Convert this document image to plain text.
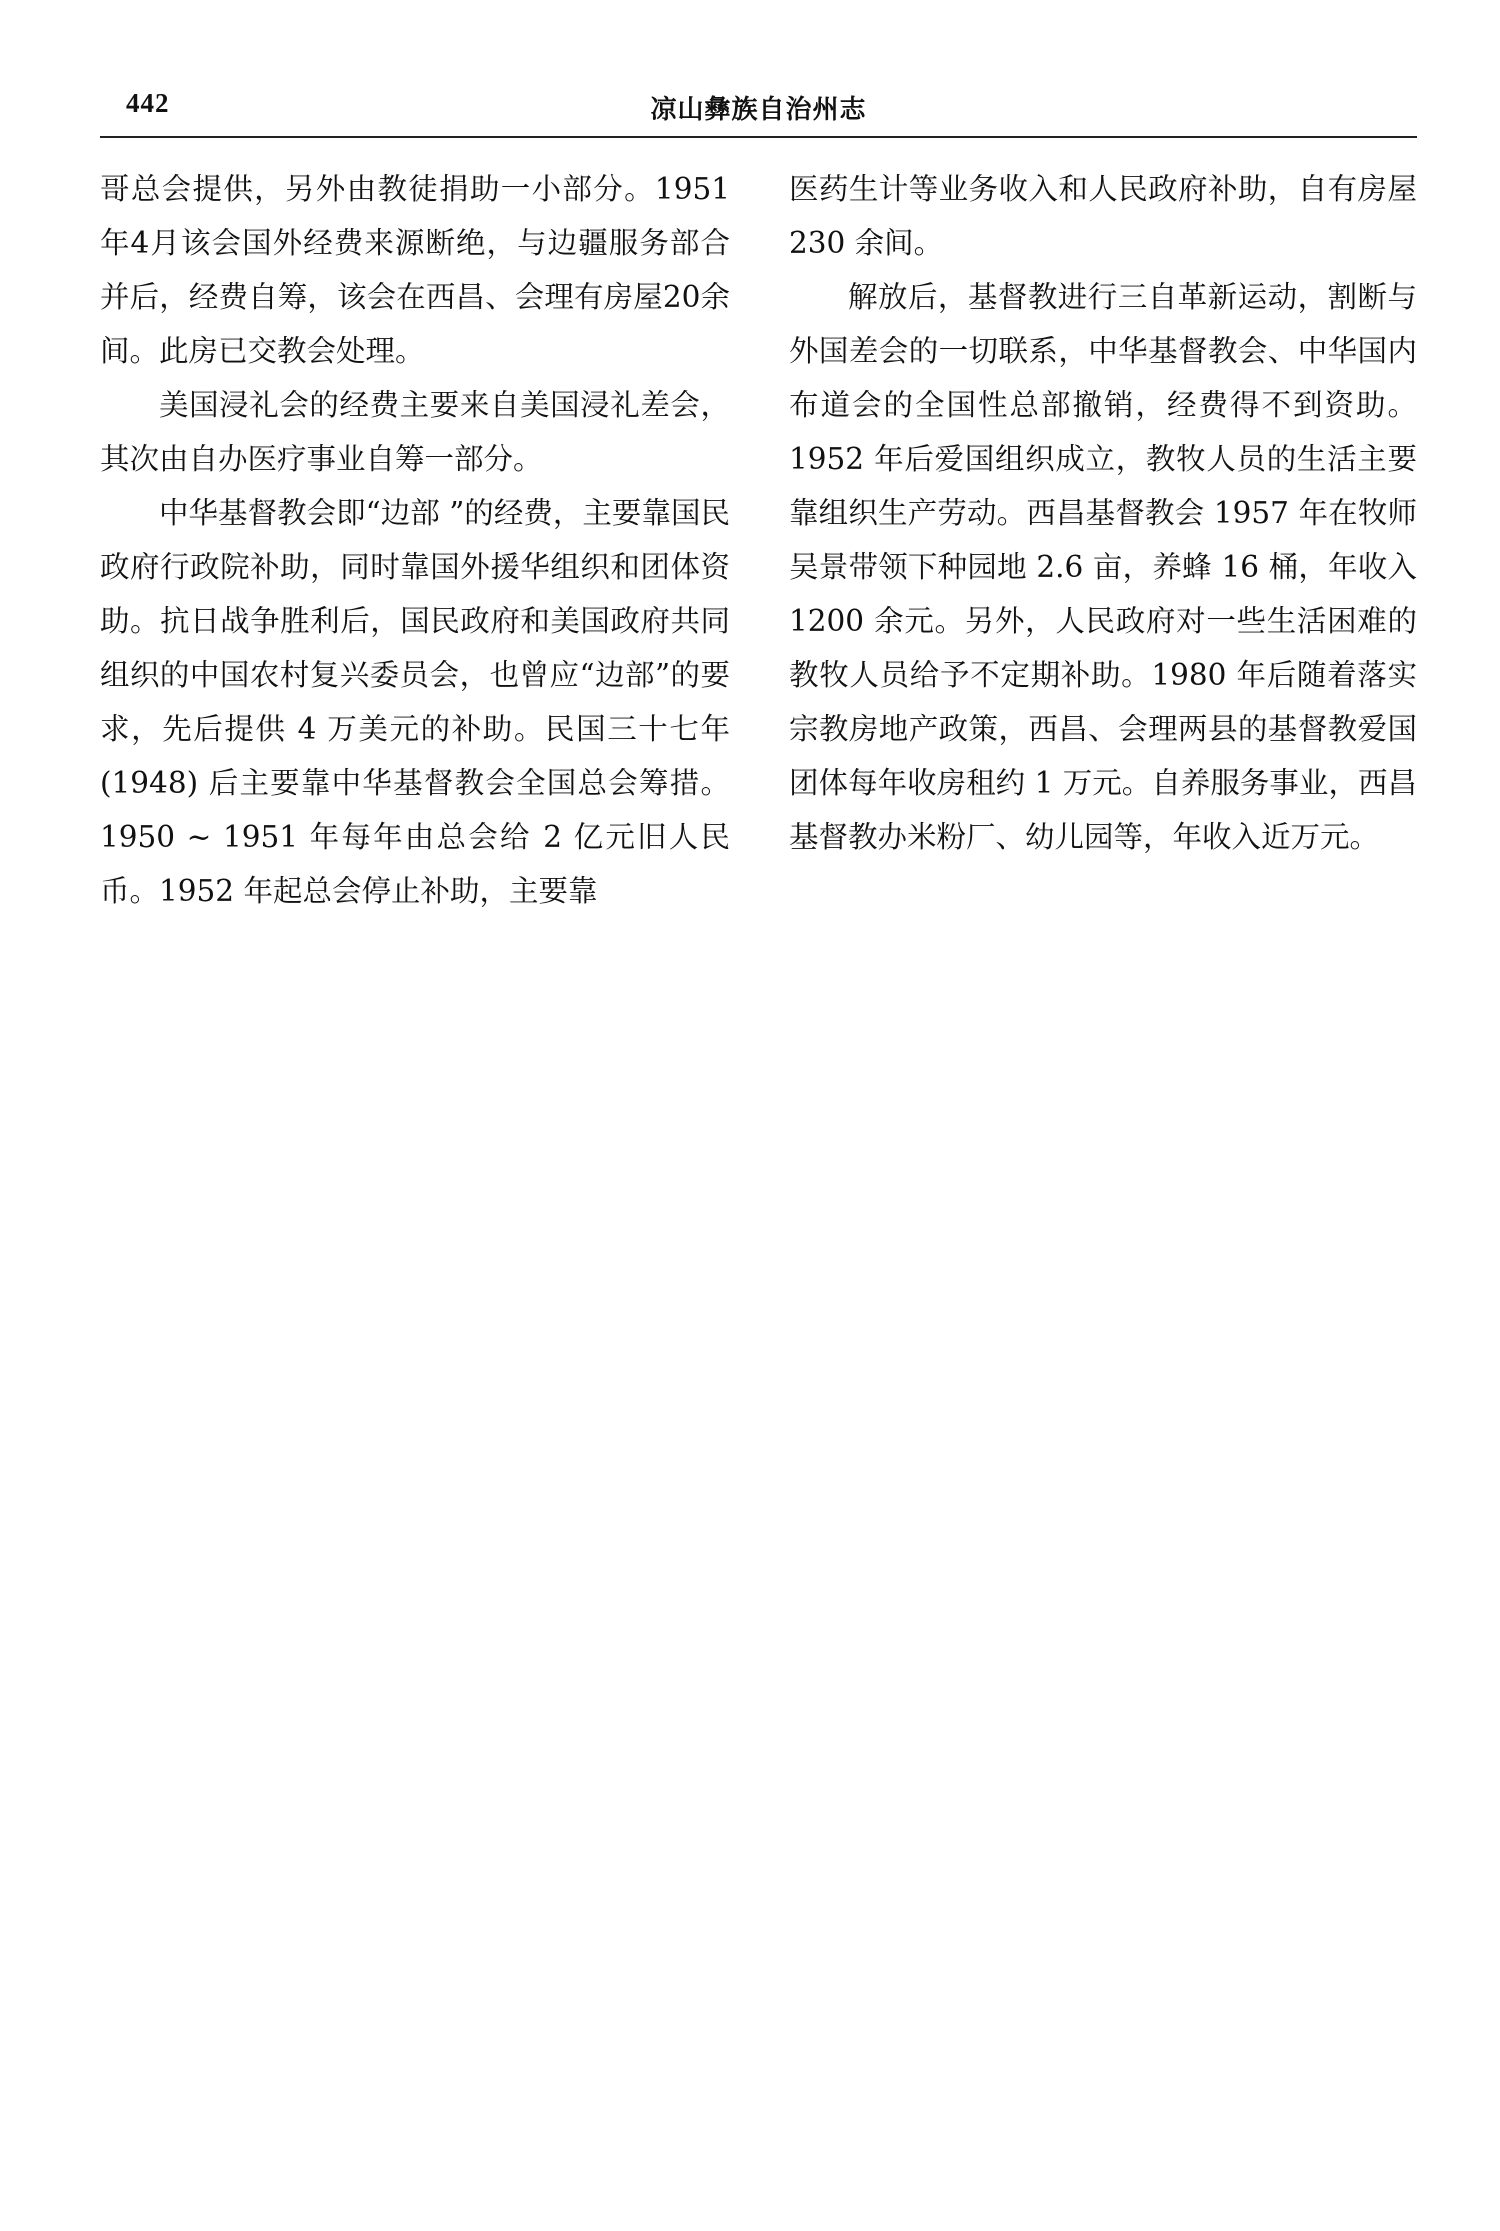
442	凉山彝族自治州志

哥总会提供，另外由教徒捐助一小部分。1951年4月该会国外经费来源断绝，与边疆服务部合并后，经费自筹，该会在西昌、会理有房屋20余间。此房已交教会处理。

美国浸礼会的经费主要来自美国浸礼差会，其次由自办医疗事业自筹一部分。

中华基督教会即“边部 ”的经费，主要靠国民政府行政院补助，同时靠国外援华组织和团体资助。抗日战争胜利后，国民政府和美国政府共同组织的中国农村复兴委员会，也曾应“边部”的要求，先后提供 4 万美元的补助。民国三十七年(1948) 后主要靠中华基督教会全国总会筹措。1950 ~ 1951 年每年由总会给 2 亿元旧人民币。1952 年起总会停止补助，主要靠

医药生计等业务收入和人民政府补助，自有房屋 230 余间。

解放后，基督教进行三自革新运动，割断与外国差会的一切联系，中华基督教会、中华国内布道会的全国性总部撤销，经费得不到资助。1952 年后爱国组织成立，教牧人员的生活主要靠组织生产劳动。西昌基督教会 1957 年在牧师吴景带领下种园地 2.6 亩，养蜂 16 桶，年收入 1200 余元。另外，人民政府对一些生活困难的教牧人员给予不定期补助。1980 年后随着落实宗教房地产政策，西昌、会理两县的基督教爱国团体每年收房租约 1 万元。自养服务事业，西昌基督教办米粉厂、幼儿园等，年收入近万元。
